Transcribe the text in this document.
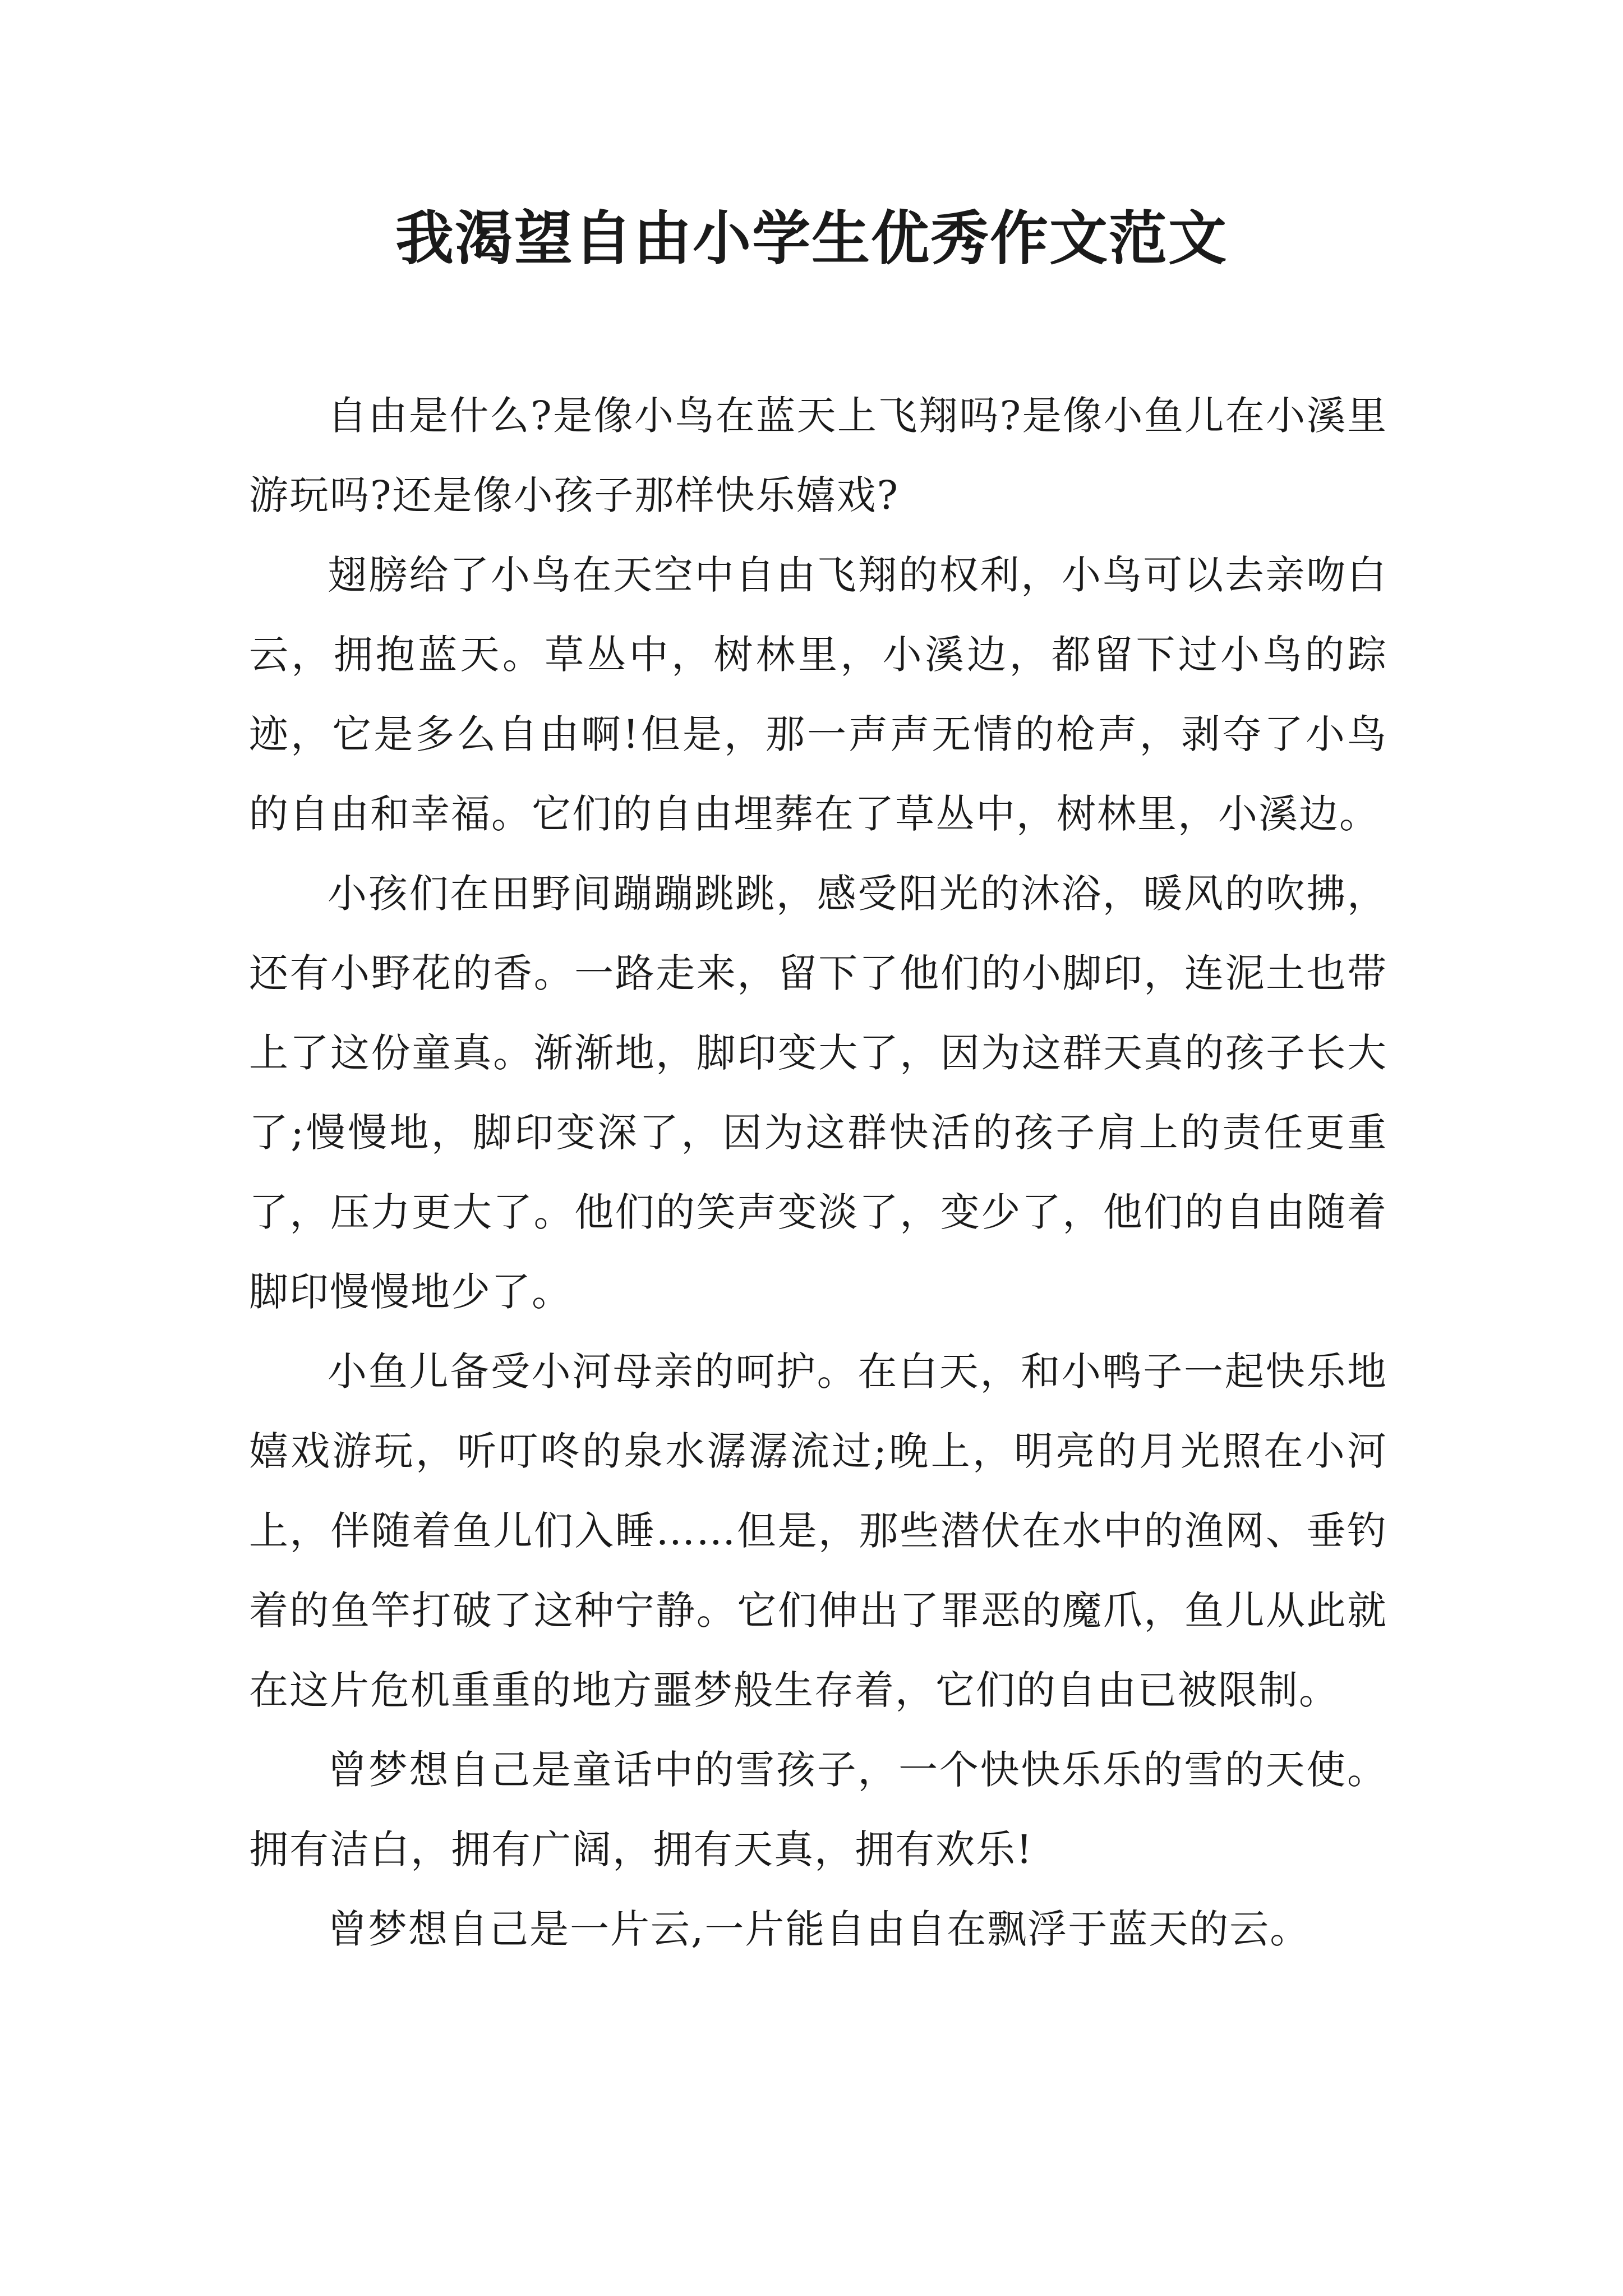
我渴望自由小学生优秀作文范文

自由是什么?是像小鸟在蓝天上飞翔吗?是像小鱼儿在小溪里游玩吗?还是像小孩子那样快乐嬉戏?

翅膀给了小鸟在天空中自由飞翔的权利，小鸟可以去亲吻白云，拥抱蓝天。草丛中，树林里，小溪边，都留下过小鸟的踪迹，它是多么自由啊!但是，那一声声无情的枪声，剥夺了小鸟的自由和幸福。它们的自由埋葬在了草丛中，树林里，小溪边。

小孩们在田野间蹦蹦跳跳，感受阳光的沐浴，暖风的吹拂，还有小野花的香。一路走来，留下了他们的小脚印，连泥土也带上了这份童真。渐渐地，脚印变大了，因为这群天真的孩子长大了;慢慢地，脚印变深了，因为这群快活的孩子肩上的责任更重了，压力更大了。他们的笑声变淡了，变少了，他们的自由随着脚印慢慢地少了。

小鱼儿备受小河母亲的呵护。在白天，和小鸭子一起快乐地嬉戏游玩，听叮咚的泉水潺潺流过;晚上，明亮的月光照在小河上，伴随着鱼儿们入睡……但是，那些潜伏在水中的渔网、垂钓着的鱼竿打破了这种宁静。它们伸出了罪恶的魔爪，鱼儿从此就在这片危机重重的地方噩梦般生存着，它们的自由已被限制。

曾梦想自己是童话中的雪孩子，一个快快乐乐的雪的天使。拥有洁白，拥有广阔，拥有天真，拥有欢乐!

曾梦想自己是一片云,一片能自由自在飘浮于蓝天的云。
